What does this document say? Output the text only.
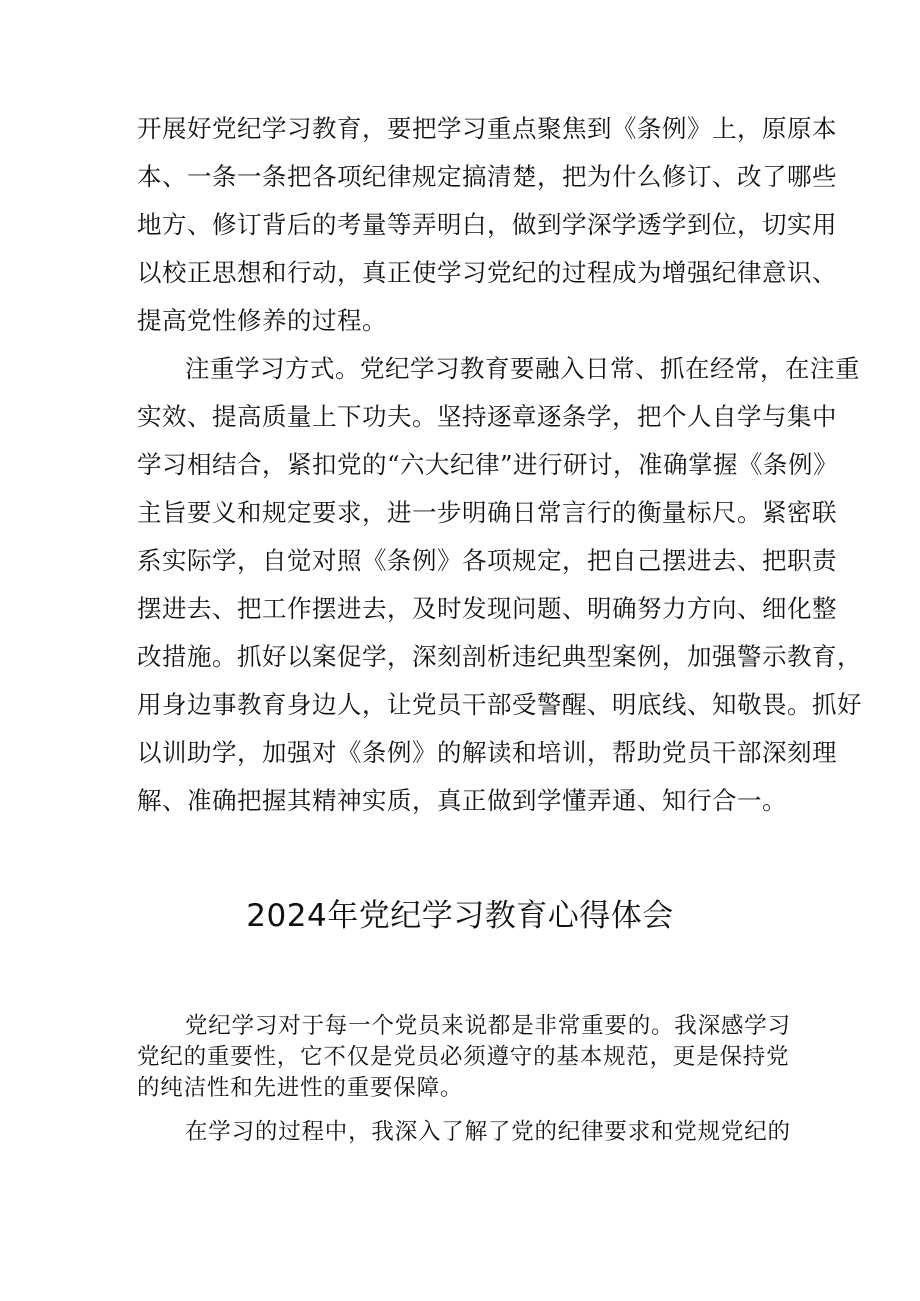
开展好党纪学习教育，要把学习重点聚焦到《条例》上，原原本
本、一条一条把各项纪律规定搞清楚，把为什么修订、改了哪些
地方、修订背后的考量等弄明白，做到学深学透学到位，切实用
以校正思想和行动，真正使学习党纪的过程成为增强纪律意识、
提高党性修养的过程。
注重学习方式。党纪学习教育要融入日常、抓在经常，在注重
实效、提高质量上下功夫。坚持逐章逐条学，把个人自学与集中
学习相结合，紧扣党的“六大纪律”进行研讨，准确掌握《条例》
主旨要义和规定要求，进一步明确日常言行的衡量标尺。紧密联
系实际学，自觉对照《条例》各项规定，把自己摆进去、把职责
摆进去、把工作摆进去，及时发现问题、明确努力方向、细化整
改措施。抓好以案促学，深刻剖析违纪典型案例，加强警示教育，
用身边事教育身边人，让党员干部受警醒、明底线、知敬畏。抓好
以训助学，加强对《条例》的解读和培训，帮助党员干部深刻理
解、准确把握其精神实质，真正做到学懂弄通、知行合一。
2024年党纪学习教育心得体会
党纪学习对于每一个党员来说都是非常重要的。我深感学习
党纪的重要性，它不仅是党员必须遵守的基本规范，更是保持党
的纯洁性和先进性的重要保障。
在学习的过程中，我深入了解了党的纪律要求和党规党纪的
